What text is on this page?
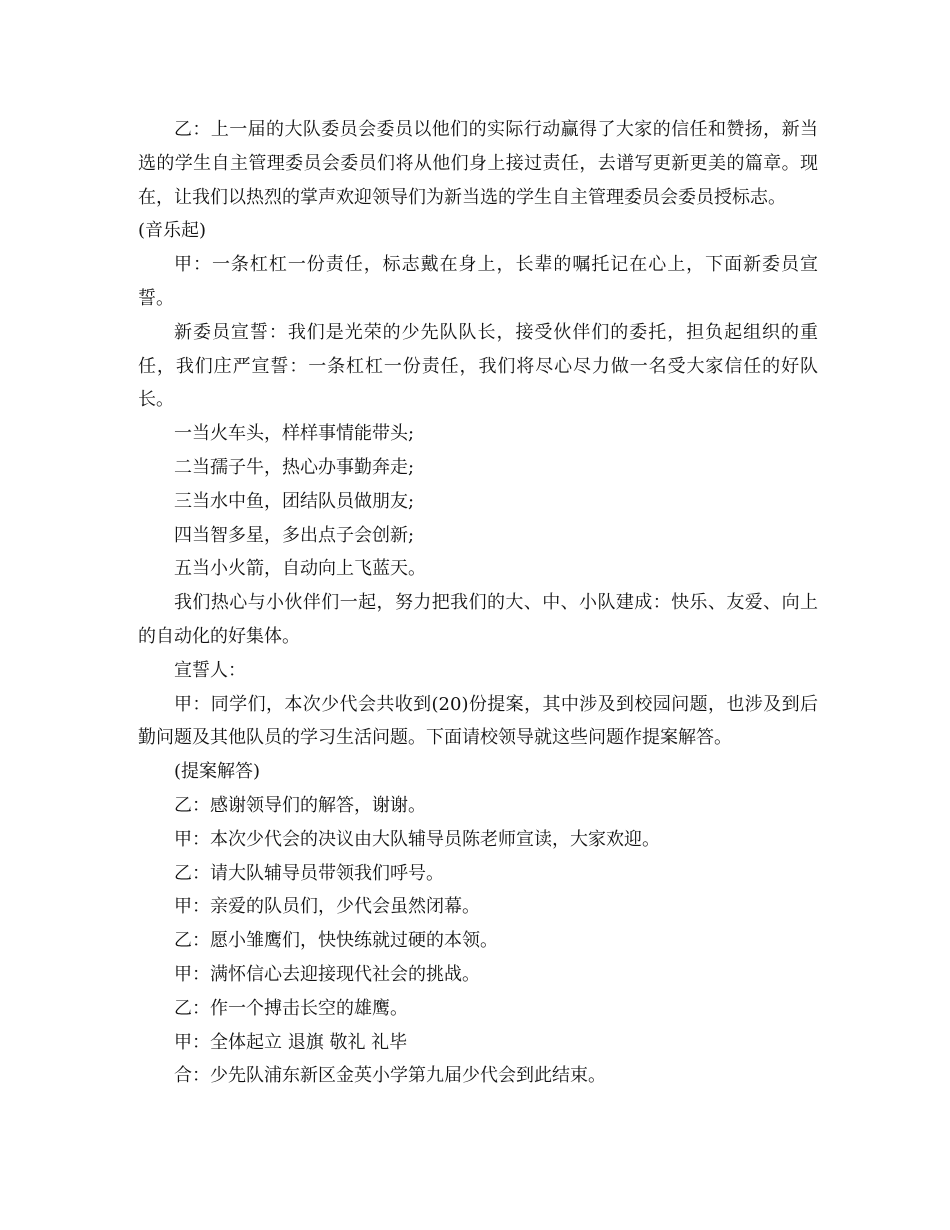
乙：上一届的大队委员会委员以他们的实际行动赢得了大家的信任和赞扬，新当选的学生自主管理委员会委员们将从他们身上接过责任，去谱写更新更美的篇章。现在，让我们以热烈的掌声欢迎领导们为新当选的学生自主管理委员会委员授标志。

(音乐起)

甲：一条杠杠一份责任，标志戴在身上，长辈的嘱托记在心上，下面新委员宣誓。

新委员宣誓：我们是光荣的少先队队长，接受伙伴们的委托，担负起组织的重任，我们庄严宣誓：一条杠杠一份责任，我们将尽心尽力做一名受大家信任的好队长。

一当火车头，样样事情能带头;

二当孺子牛，热心办事勤奔走;

三当水中鱼，团结队员做朋友;

四当智多星，多出点子会创新;

五当小火箭，自动向上飞蓝天。

我们热心与小伙伴们一起，努力把我们的大、中、小队建成：快乐、友爱、向上的自动化的好集体。

宣誓人：

甲：同学们，本次少代会共收到(20)份提案，其中涉及到校园问题，也涉及到后勤问题及其他队员的学习生活问题。下面请校领导就这些问题作提案解答。

(提案解答)

乙：感谢领导们的解答，谢谢。

甲：本次少代会的决议由大队辅导员陈老师宣读，大家欢迎。

乙：请大队辅导员带领我们呼号。

甲：亲爱的队员们，少代会虽然闭幕。

乙：愿小雏鹰们，快快练就过硬的本领。

甲：满怀信心去迎接现代社会的挑战。

乙：作一个搏击长空的雄鹰。

甲：全体起立 退旗 敬礼 礼毕

合：少先队浦东新区金英小学第九届少代会到此结束。
